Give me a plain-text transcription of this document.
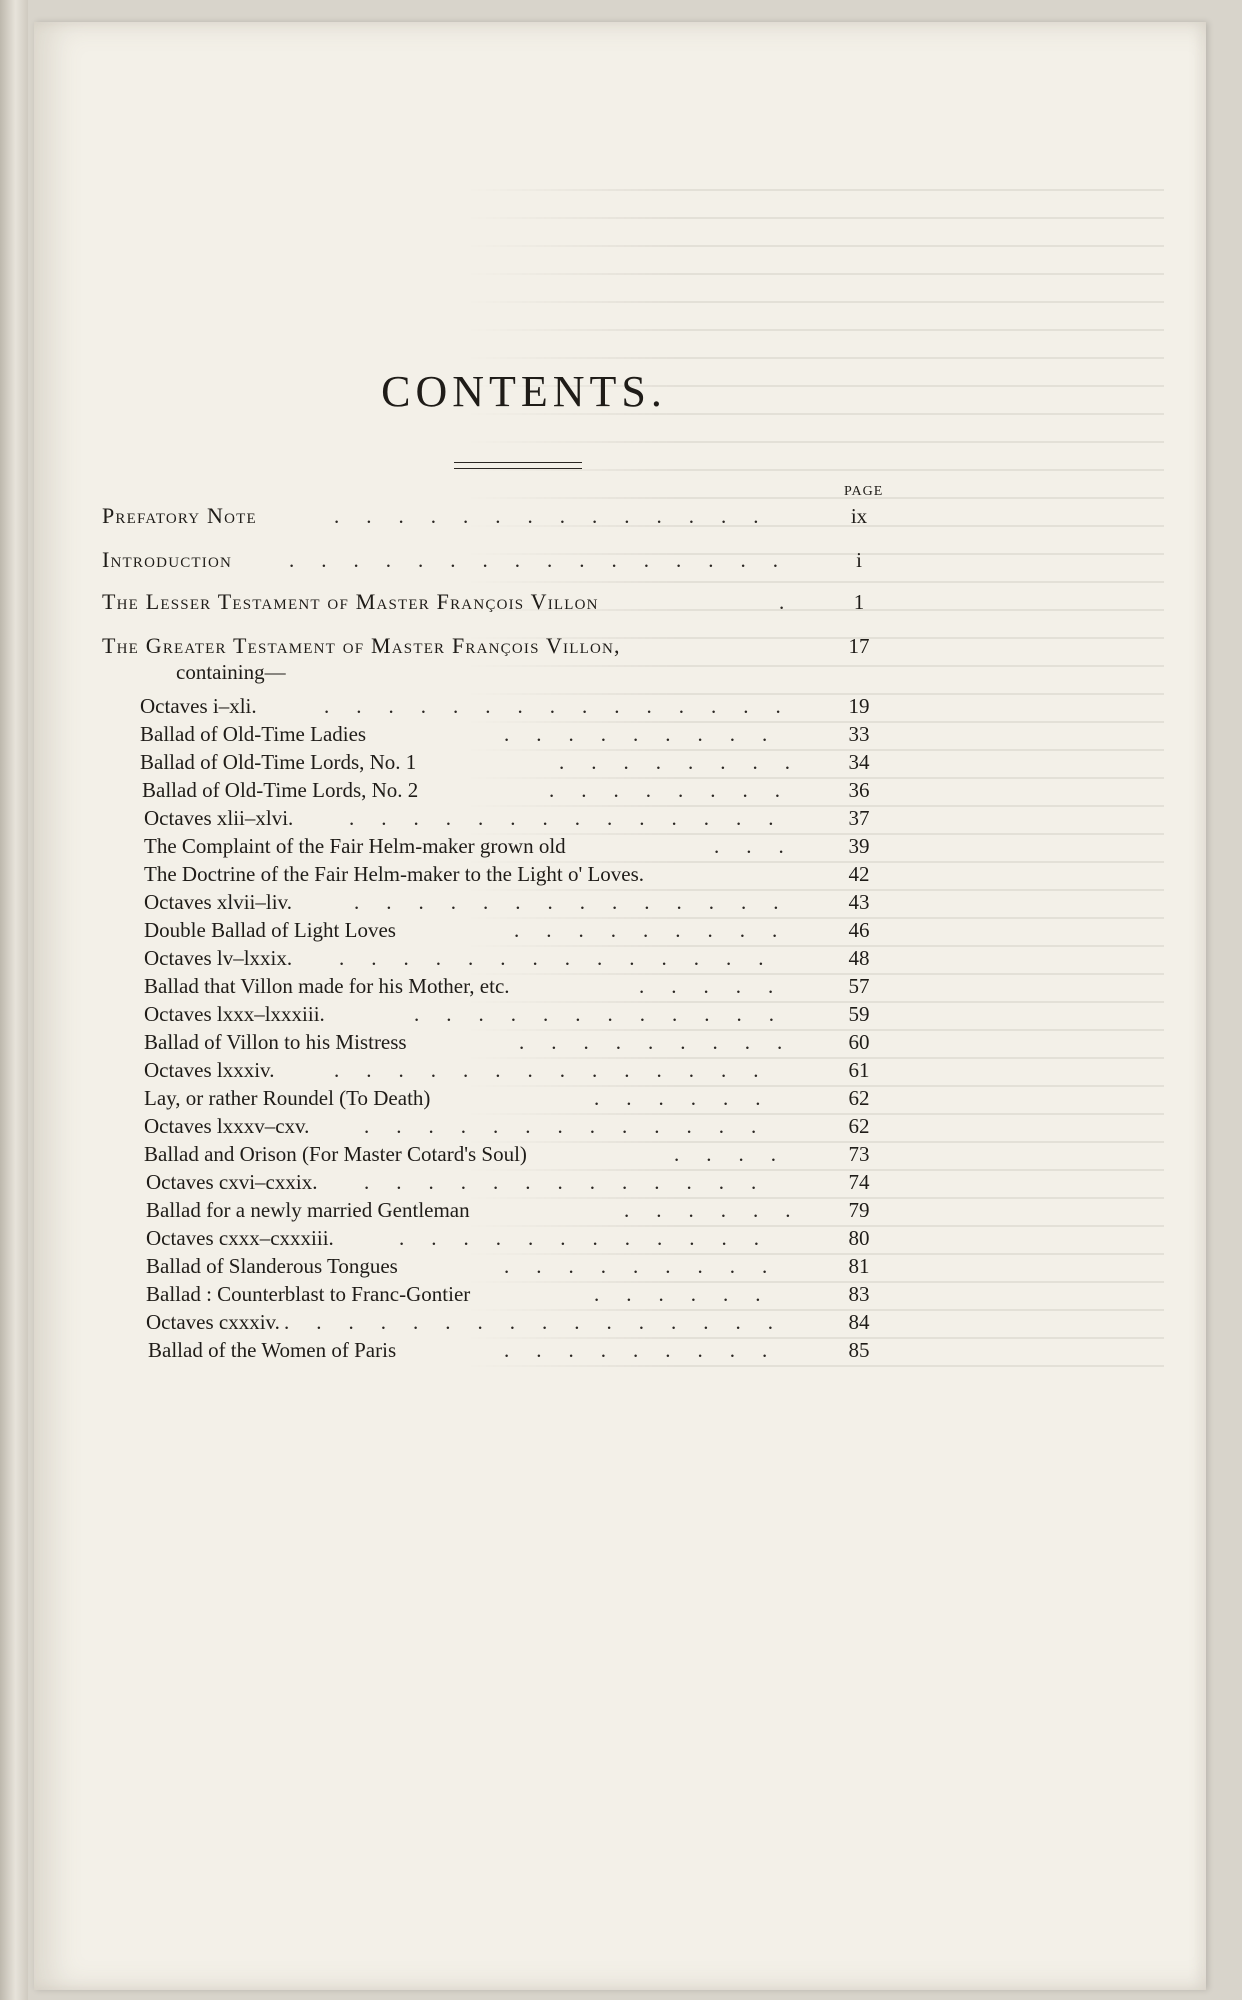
CONTENTS.
PAGE
Prefatory Note	..............	ix
Introduction	................	i
The Lesser Testament of Master François Villon	.	1
The Greater Testament of Master François Villon,	17
containing—
Octaves i–xli.	...............	19
Ballad of Old-Time Ladies	.........	33
Ballad of Old-Time Lords, No. 1	........	34
Ballad of Old-Time Lords, No. 2	........	36
Octaves xlii–xlvi.	..............	37
The Complaint of the Fair Helm-maker grown old	...	39
The Doctrine of the Fair Helm-maker to the Light o' Loves.	42
Octaves xlvii–liv.	..............	43
Double Ballad of Light Loves	.........	46
Octaves lv–lxxix. ..............	48
Ballad that Villon made for his Mother, etc.	.....	57
Octaves lxxx–lxxxiii.	............	59
Ballad of Villon to his Mistress	.........	60
Octaves lxxxiv.	..............	61
Lay, or rather Roundel (To Death)	......	62
Octaves lxxxv–cxv.	.............	62
Ballad and Orison (For Master Cotard's Soul)	....	73
Octaves cxvi–cxxix. .............	74
Ballad for a newly married Gentleman	......	79
Octaves cxxx–cxxxiii.	............	80
Ballad of Slanderous Tongues	.........	81
Ballad : Counterblast to Franc-Gontier	......	83
Octaves cxxxiv. ................	84
Ballad of the Women of Paris	.........	85
